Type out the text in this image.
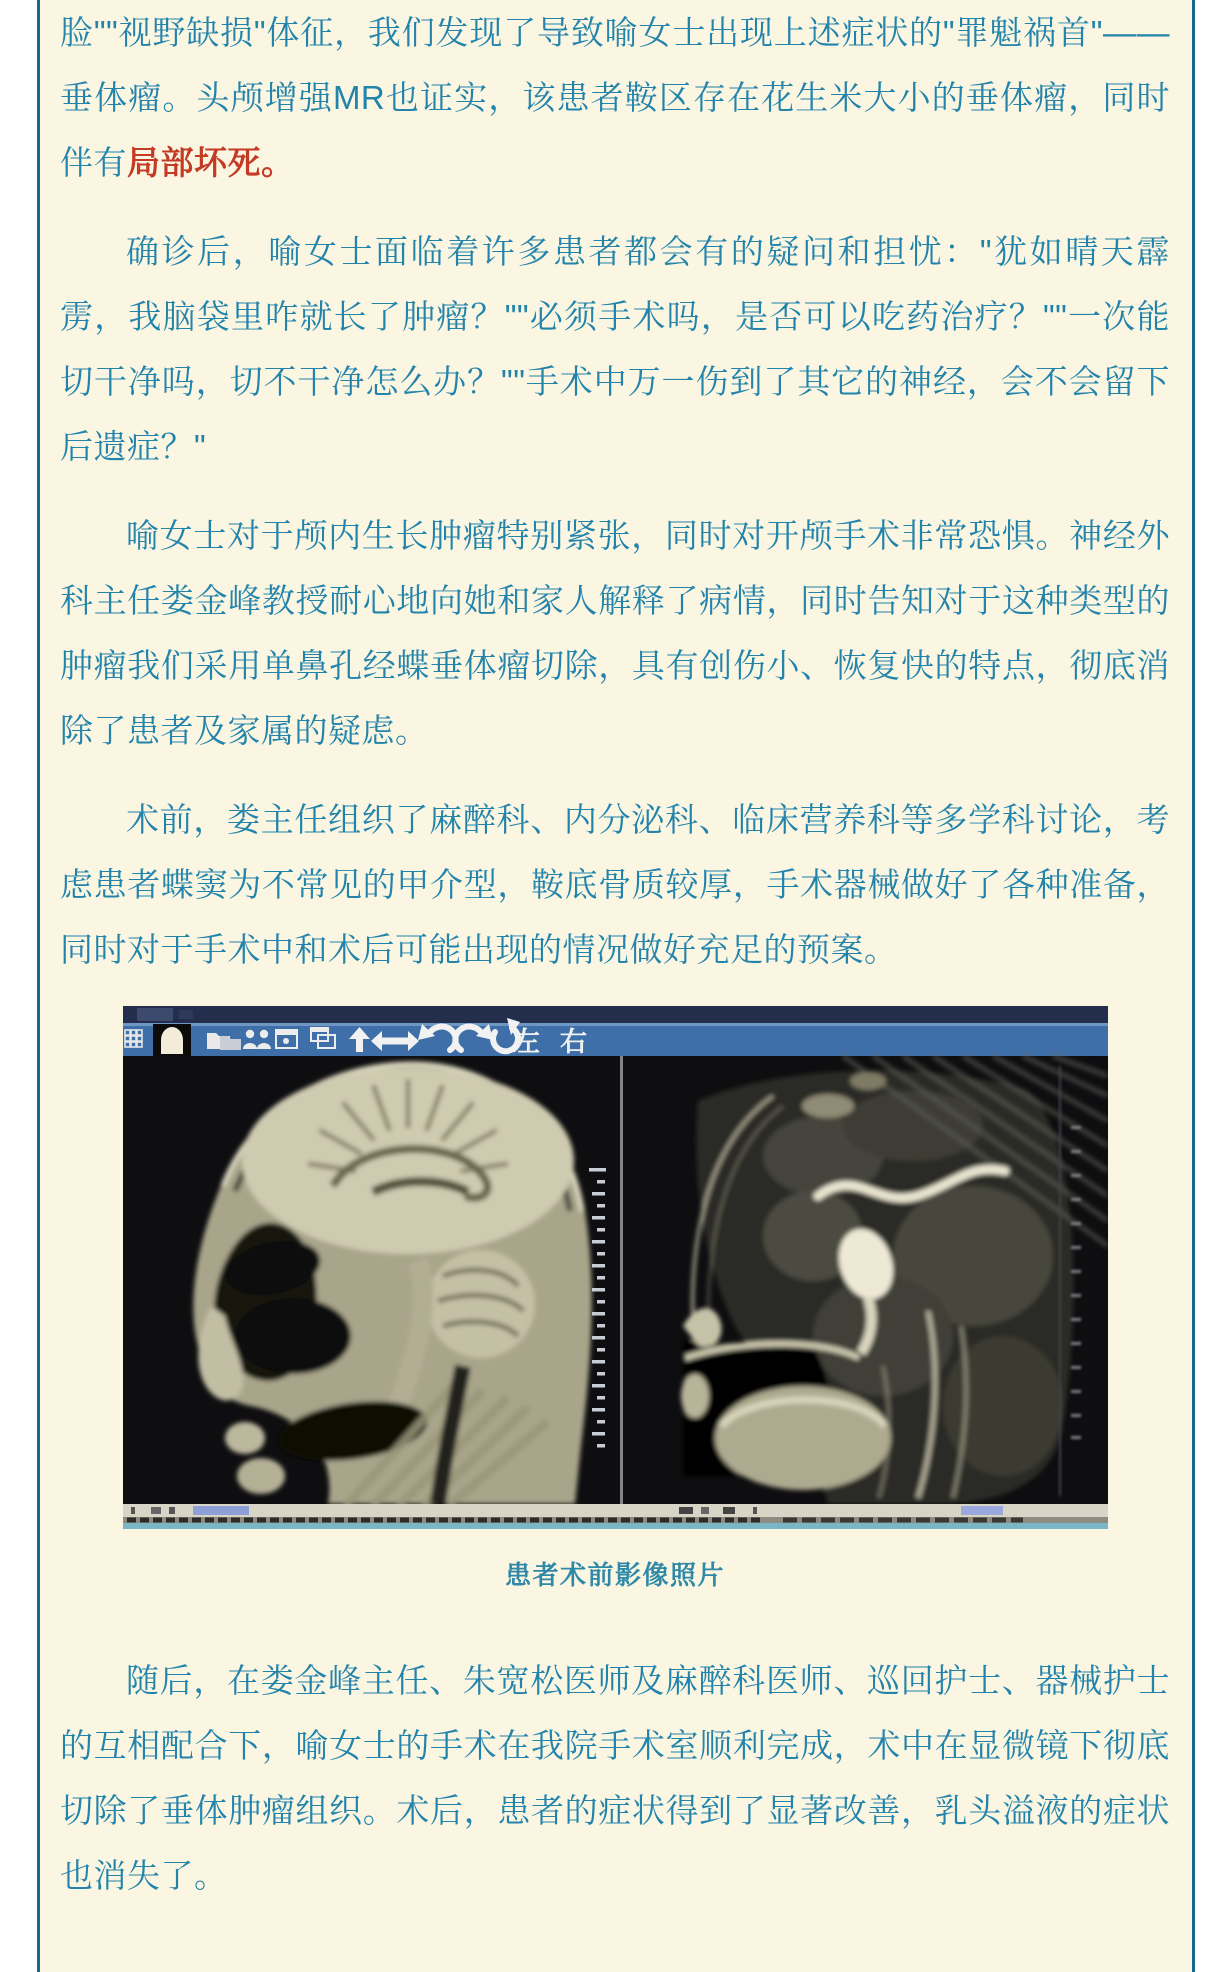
脸""视野缺损"体征，我们发现了导致喻女士出现上述症状的"罪魁祸首"——垂体瘤。头颅增强MR也证实，该患者鞍区存在花生米大小的垂体瘤，同时伴有局部坏死。

确诊后，喻女士面临着许多患者都会有的疑问和担忧："犹如晴天霹雳，我脑袋里咋就长了肿瘤？""必须手术吗，是否可以吃药治疗？""一次能切干净吗，切不干净怎么办？""手术中万一伤到了其它的神经，会不会留下后遗症？"

喻女士对于颅内生长肿瘤特别紧张，同时对开颅手术非常恐惧。神经外科主任娄金峰教授耐心地向她和家人解释了病情，同时告知对于这种类型的肿瘤我们采用单鼻孔经蝶垂体瘤切除，具有创伤小、恢复快的特点，彻底消除了患者及家属的疑虑。

术前，娄主任组织了麻醉科、内分泌科、临床营养科等多学科讨论，考虑患者蝶窦为不常见的甲介型，鞍底骨质较厚，手术器械做好了各种准备，同时对于手术中和术后可能出现的情况做好充足的预案。

左 右
患者术前影像照片

随后，在娄金峰主任、朱宽松医师及麻醉科医师、巡回护士、器械护士的互相配合下，喻女士的手术在我院手术室顺利完成，术中在显微镜下彻底切除了垂体肿瘤组织。术后，患者的症状得到了显著改善，乳头溢液的症状也消失了。
